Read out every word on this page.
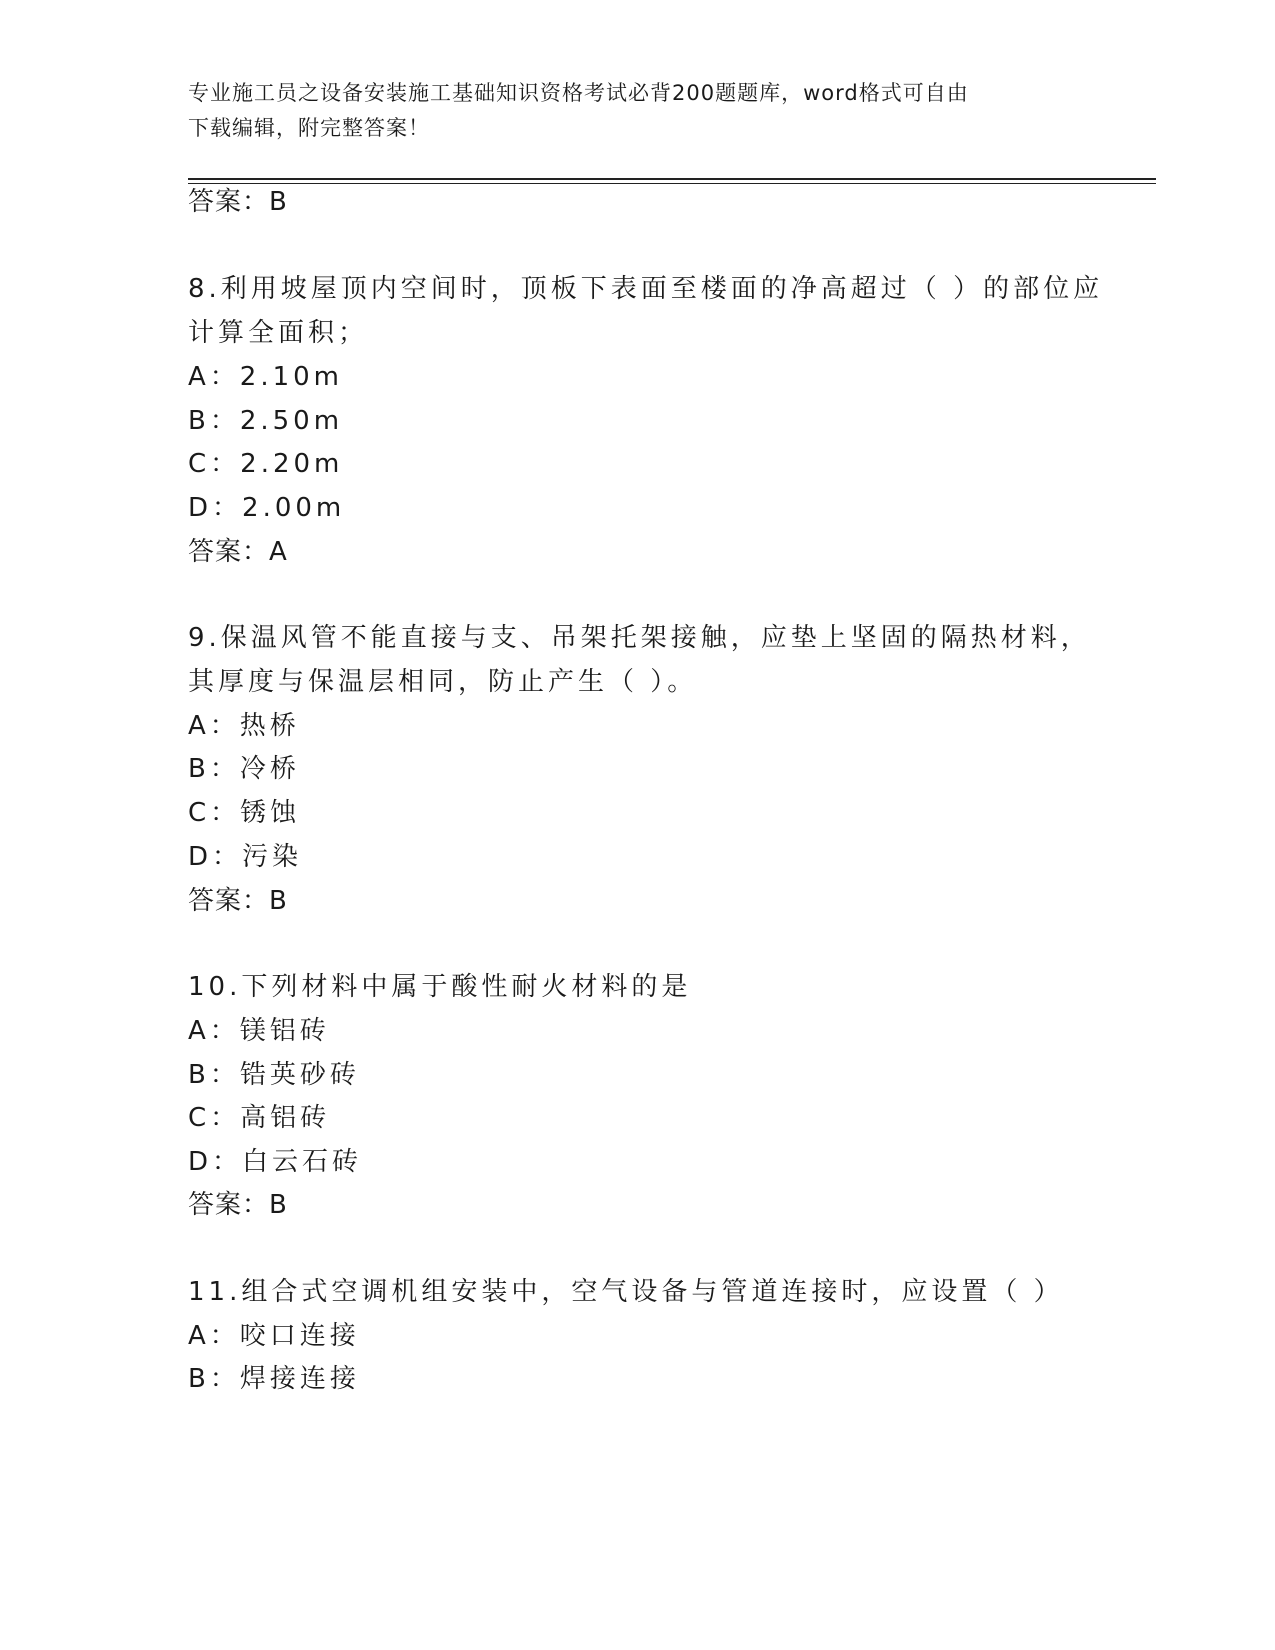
专业施工员之设备安装施工基础知识资格考试必背200题题库，word格式可自由
下载编辑，附完整答案！
答案：B
8.利用坡屋顶内空间时，顶板下表面至楼面的净高超过（ ）的部位应
计算全面积；
A：2.10m
B：2.50m
C：2.20m
D：2.00m
答案：A
9.保温风管不能直接与支、吊架托架接触，应垫上坚固的隔热材料，
其厚度与保温层相同，防止产生（ ）。
A：热桥
B：冷桥
C：锈蚀
D：污染
答案：B
10.下列材料中属于酸性耐火材料的是
A：镁铝砖
B：锆英砂砖
C：高铝砖
D：白云石砖
答案：B
11.组合式空调机组安装中，空气设备与管道连接时，应设置（ ）
A：咬口连接
B：焊接连接
